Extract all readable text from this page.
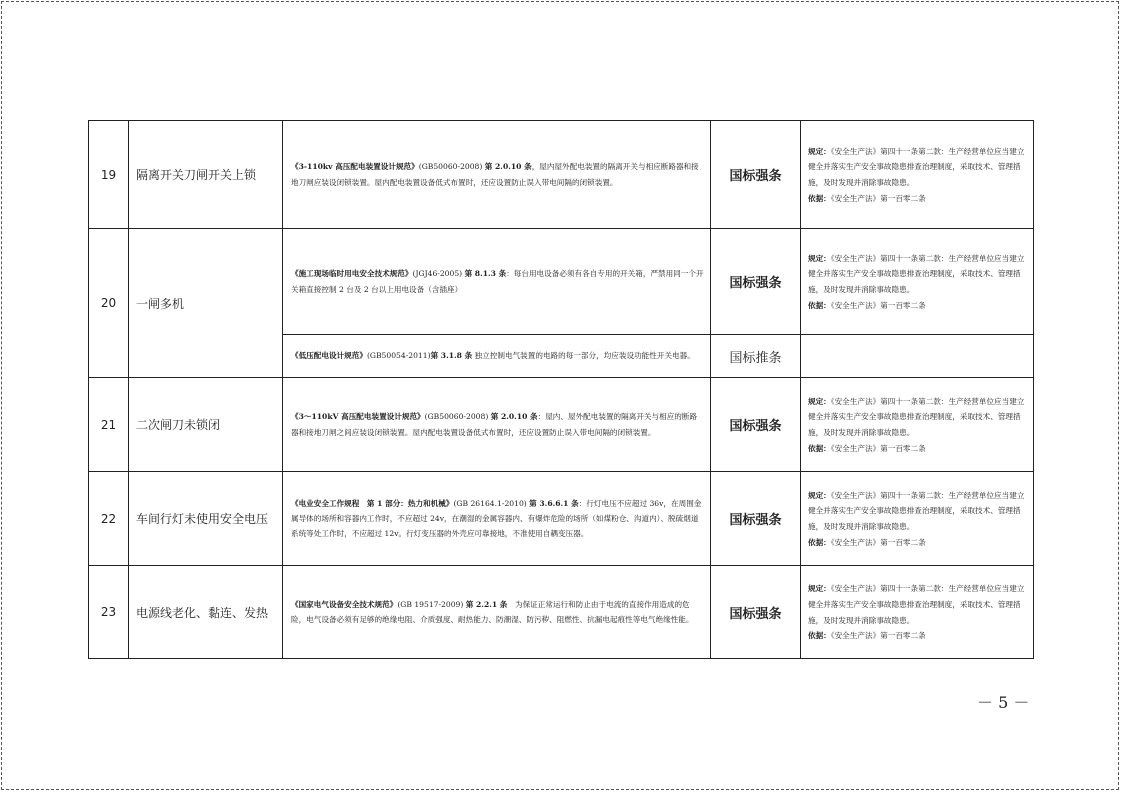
19	隔离开关刀闸开关上锁	《3-110kv 高压配电装置设计规范》(GB50060-2008) 第 2.0.10 条，屋内屋外配电装置的隔离开关与相应断路器和接地刀闸应装设闭锁装置。屋内配电装置设备低式布置时，还应设置防止误入带电间隔的闭锁装置。	国标强条	规定：《安全生产法》第四十一条第二款：生产经营单位应当建立健全并落实生产安全事故隐患排查治理制度，采取技术、管理措施，及时发现并消除事故隐患。
依据：《安全生产法》第一百零二条

20	一闸多机	《施工现场临时用电安全技术规范》(JGJ46-2005) 第 8.1.3 条：每台用电设备必须有各自专用的开关箱，严禁用同一个开关箱直接控制 2 台及 2 台以上用电设备（含插座）	国标强条	规定：《安全生产法》第四十一条第二款：生产经营单位应当建立健全并落实生产安全事故隐患排查治理制度，采取技术、管理措施，及时发现并消除事故隐患。
依据：《安全生产法》第一百零二条

		《低压配电设计规范》(GB50054-2011)第 3.1.8 条 独立控制电气装置的电路的每一部分，均应装设功能性开关电器。	国标推条	
21	二次闸刀未锁闭	《3～110kV 高压配电装置设计规范》(GB50060-2008) 第 2.0.10 条：屋内、屋外配电装置的隔离开关与相应的断路器和接地刀闸之间应装设闭锁装置。屋内配电装置设备低式布置时，还应设置防止误入带电间隔的闭锁装置。	国标强条	规定：《安全生产法》第四十一条第二款：生产经营单位应当建立健全并落实生产安全事故隐患排查治理制度，采取技术、管理措施，及时发现并消除事故隐患。
依据：《安全生产法》第一百零二条

22	车间行灯未使用安全电压	《电业安全工作规程　第 1 部分：热力和机械》(GB 26164.1-2010) 第 3.6.6.1 条：行灯电压不应超过 36v，在周围金属导体的场所和容器内工作时，不应超过 24v，在潮湿的金属容器内、有爆炸危险的场所（如煤粉仓、沟道内）、脱硫烟道系统等处工作时，不应超过 12v。行灯变压器的外壳应可靠接地，不准使用自耦变压器。	国标强条	规定：《安全生产法》第四十一条第二款：生产经营单位应当建立健全并落实生产安全事故隐患排查治理制度，采取技术、管理措施，及时发现并消除事故隐患。
依据：《安全生产法》第一百零二条

23	电源线老化、黏连、发热	《国家电气设备安全技术规范》(GB 19517-2009) 第 2.2.1 条　为保证正常运行和防止由于电流的直接作用造成的危险，电气设备必须有足够的绝缘电阻、介质强度、耐热能力、防潮湿、防污秽、阻燃性、抗漏电起痕性等电气绝缘性能。	国标强条	规定：《安全生产法》第四十一条第二款：生产经营单位应当建立健全并落实生产安全事故隐患排查治理制度，采取技术、管理措施，及时发现并消除事故隐患。
依据：《安全生产法》第一百零二条
－ 5 －
